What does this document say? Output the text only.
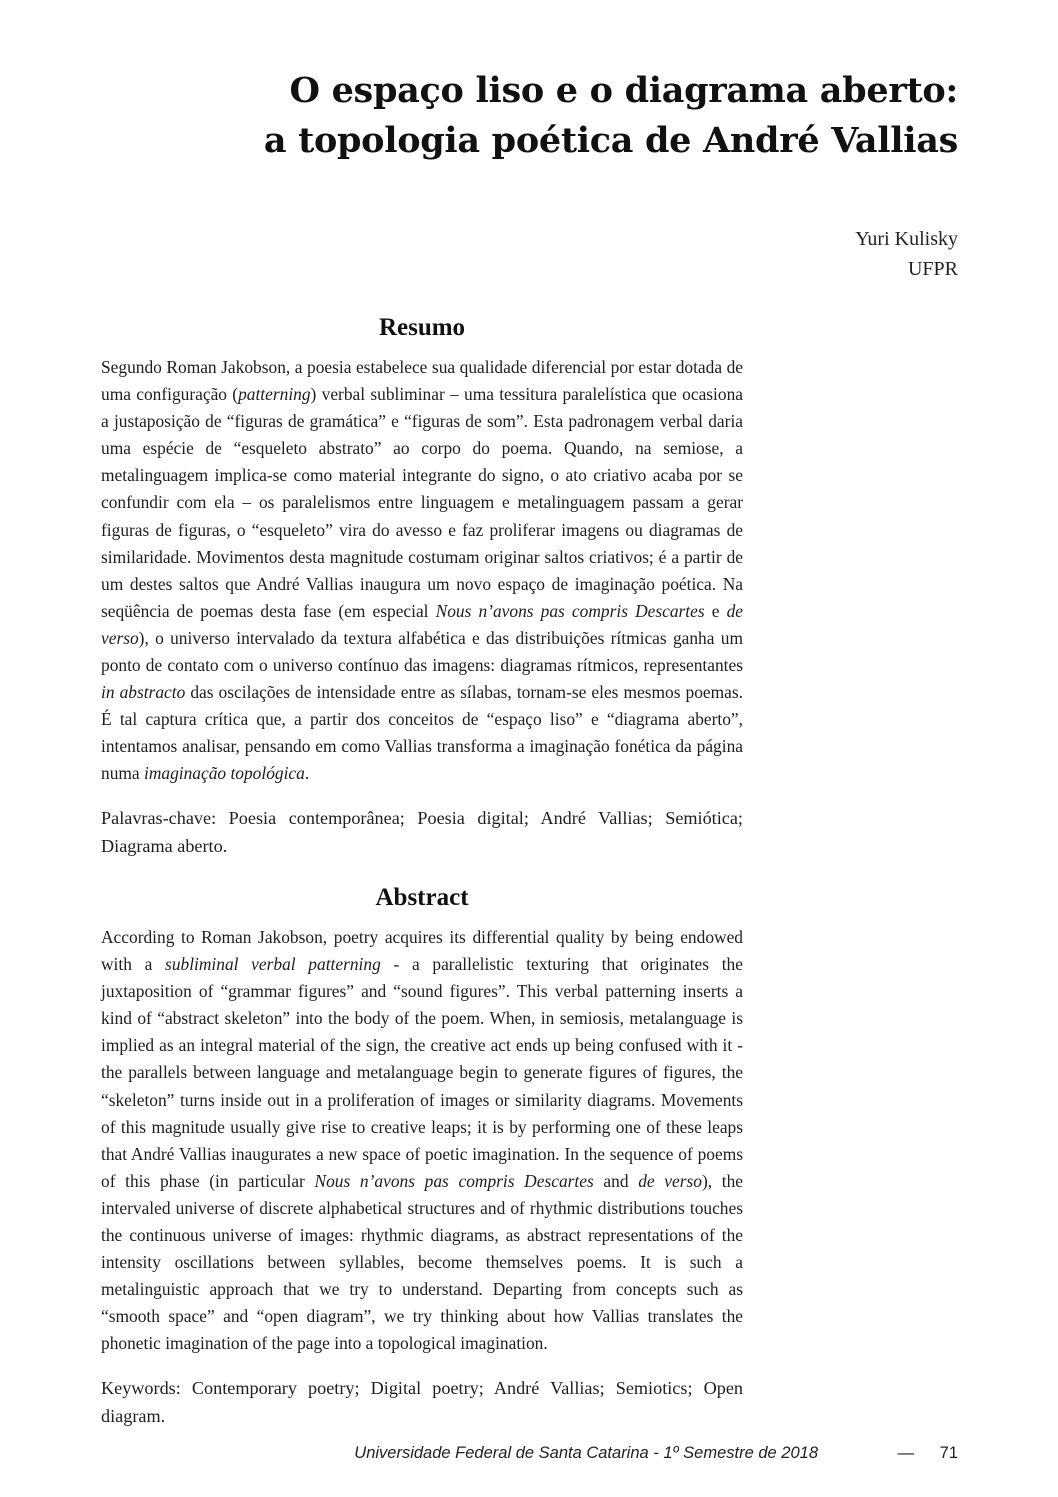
O espaço liso e o diagrama aberto:
a topologia poética de André Vallias
Yuri Kulisky
UFPR
Resumo

Segundo Roman Jakobson, a poesia estabelece sua qualidade diferencial por estar dotada de uma configuração (patterning) verbal subliminar – uma tessitura paralelística que ocasiona a justaposição de “figuras de gramática” e “figuras de som”. Esta padronagem verbal daria uma espécie de “esqueleto abstrato” ao corpo do poema. Quando, na semiose, a metalinguagem implica-se como material integrante do signo, o ato criativo acaba por se confundir com ela – os paralelismos entre linguagem e metalinguagem passam a gerar figuras de figuras, o “esqueleto” vira do avesso e faz proliferar imagens ou diagramas de similaridade. Movimentos desta magnitude costumam originar saltos criativos; é a partir de um destes saltos que André Vallias inaugura um novo espaço de imaginação poética. Na seqüência de poemas desta fase (em especial Nous n’avons pas compris Descartes e de verso), o universo intervalado da textura alfabética e das distribuições rítmicas ganha um ponto de contato com o universo contínuo das imagens: diagramas rítmicos, representantes in abstracto das oscilações de intensidade entre as sílabas, tornam-se eles mesmos poemas. É tal captura crítica que, a partir dos conceitos de “espaço liso” e “diagrama aberto”, intentamos analisar, pensando em como Vallias transforma a imaginação fonética da página numa imaginação topológica.

Palavras-chave: Poesia contemporânea; Poesia digital; André Vallias; Semiótica; Diagrama aberto.

Abstract

According to Roman Jakobson, poetry acquires its differential quality by being endowed with a subliminal verbal patterning - a parallelistic texturing that originates the juxtaposition of “grammar figures” and “sound figures”. This verbal patterning inserts a kind of “abstract skeleton” into the body of the poem. When, in semiosis, metalanguage is implied as an integral material of the sign, the creative act ends up being confused with it - the parallels between language and metalanguage begin to generate figures of figures, the “skeleton” turns inside out in a proliferation of images or similarity diagrams. Movements of this magnitude usually give rise to creative leaps; it is by performing one of these leaps that André Vallias inaugurates a new space of poetic imagination. In the sequence of poems of this phase (in particular Nous n’avons pas compris Descartes and de verso), the intervaled universe of discrete alphabetical structures and of rhythmic distributions touches the continuous universe of images: rhythmic diagrams, as abstract representations of the intensity oscillations between syllables, become themselves poems. It is such a metalinguistic approach that we try to understand. Departing from concepts such as “smooth space” and “open diagram”, we try thinking about how Vallias translates the phonetic imagination of the page into a topological imagination.

Keywords: Contemporary poetry; Digital poetry; André Vallias; Semiotics; Open diagram.

Universidade Federal de Santa Catarina - 1º Semestre de 2018	— 71
